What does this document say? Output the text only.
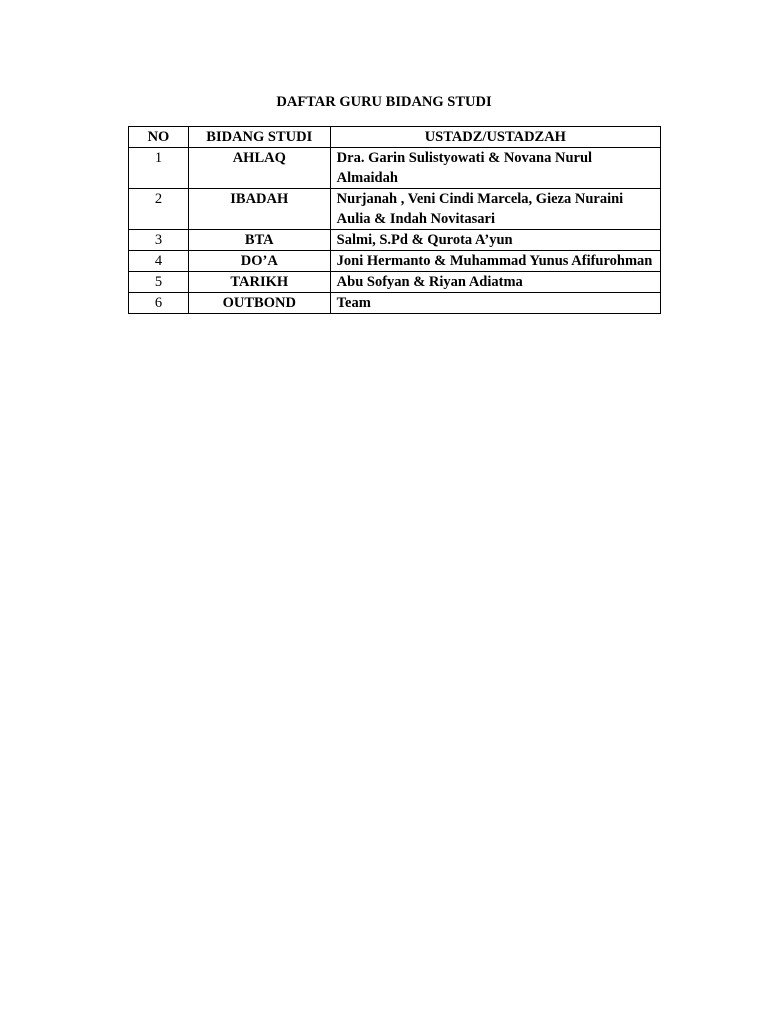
DAFTAR GURU BIDANG STUDI
NO	BIDANG STUDI	USTADZ/USTADZAH
1	AHLAQ	Dra. Garin Sulistyowati & Novana Nurul Almaidah
2	IBADAH	Nurjanah , Veni Cindi Marcela, Gieza Nuraini Aulia & Indah Novitasari
3	BTA	Salmi, S.Pd & Qurota A’yun
4	DO’A	Joni Hermanto & Muhammad Yunus Afifurohman
5	TARIKH	Abu Sofyan & Riyan Adiatma
6	OUTBOND	Team
